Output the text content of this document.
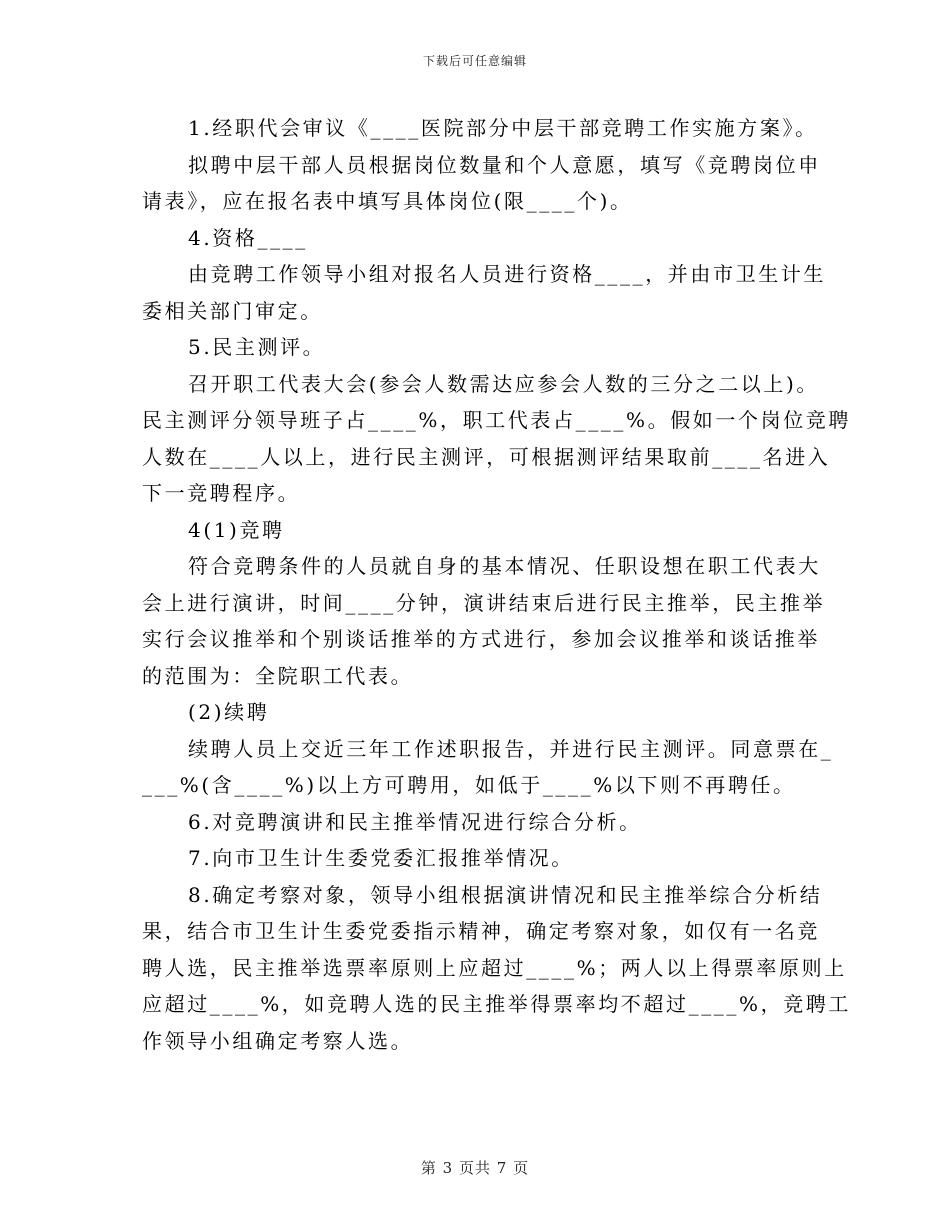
下载后可任意编辑

1.经职代会审议《____医院部分中层干部竞聘工作实施方案》。

拟聘中层干部人员根据岗位数量和个人意愿，填写《竞聘岗位申

请表》，应在报名表中填写具体岗位(限____个)。

4.资格____

由竞聘工作领导小组对报名人员进行资格____，并由市卫生计生

委相关部门审定。

5.民主测评。

召开职工代表大会(参会人数需达应参会人数的三分之二以上)。

民主测评分领导班子占____%，职工代表占____%。假如一个岗位竞聘

人数在____人以上，进行民主测评，可根据测评结果取前____名进入

下一竞聘程序。

4(1)竞聘

符合竞聘条件的人员就自身的基本情况、任职设想在职工代表大

会上进行演讲，时间____分钟，演讲结束后进行民主推举，民主推举

实行会议推举和个别谈话推举的方式进行，参加会议推举和谈话推举

的范围为：全院职工代表。

(2)续聘

续聘人员上交近三年工作述职报告，并进行民主测评。同意票在_

___%(含____%)以上方可聘用，如低于____%以下则不再聘任。

6.对竞聘演讲和民主推举情况进行综合分析。

7.向市卫生计生委党委汇报推举情况。

8.确定考察对象，领导小组根据演讲情况和民主推举综合分析结

果，结合市卫生计生委党委指示精神，确定考察对象，如仅有一名竞

聘人选，民主推举选票率原则上应超过____%；两人以上得票率原则上

应超过____%，如竞聘人选的民主推举得票率均不超过____%，竞聘工

作领导小组确定考察人选。

第 3 页共 7 页
